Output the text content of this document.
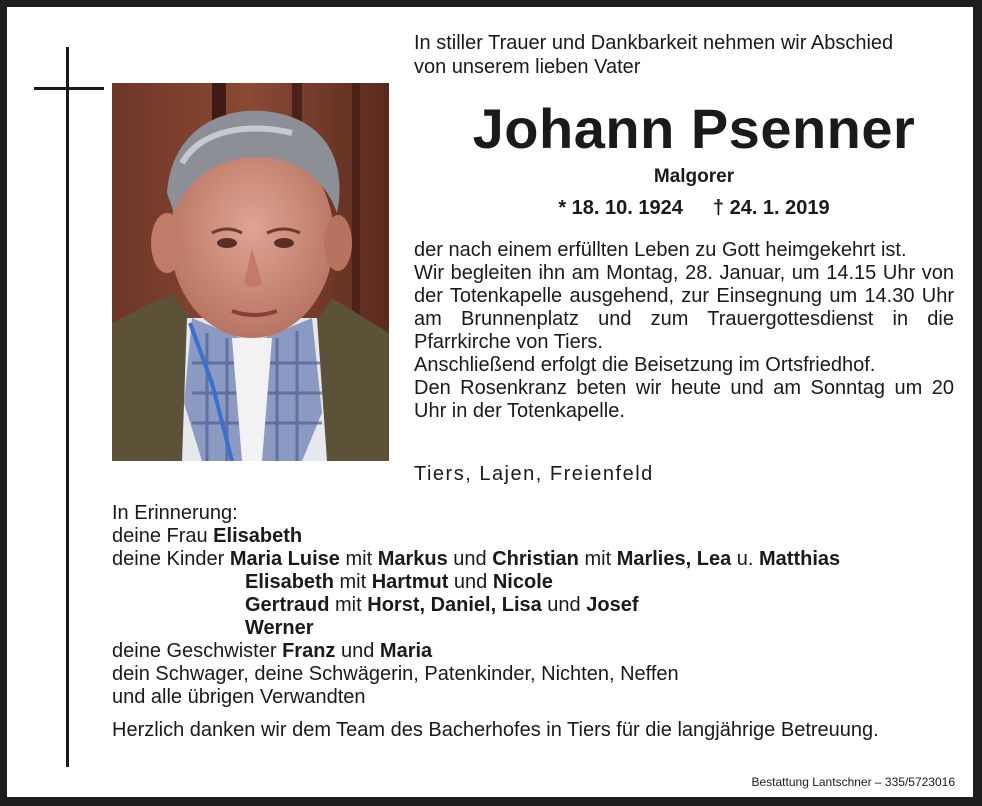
In stiller Trauer und Dankbarkeit nehmen wir Abschied
von unserem lieben Vater
Johann Psenner
Malgorer
* 18. 10. 1924 † 24. 1. 2019

der nach einem erfüllten Leben zu Gott heimgekehrt ist.

Wir begleiten ihn am Montag, 28. Januar, um 14.15 Uhr von der Totenkapelle ausgehend, zur Einsegnung um 14.30 Uhr am Brunnenplatz und zum Trauergottesdienst in die Pfarrkirche von Tiers.

Anschließend erfolgt die Beisetzung im Ortsfriedhof.

Den Rosenkranz beten wir heute und am Sonntag um 20 Uhr in der Totenkapelle.

Tiers, Lajen, Freienfeld
In Erinnerung:
deine Frau Elisabeth
deine Kinder Maria Luise mit Markus und Christian mit Marlies, Lea u. Matthias
Elisabeth mit Hartmut und Nicole
Gertraud mit Horst, Daniel, Lisa und Josef
Werner
deine Geschwister Franz und Maria
dein Schwager, deine Schwägerin, Patenkinder, Nichten, Neffen
und alle übrigen Verwandten
Herzlich danken wir dem Team des Bacherhofes in Tiers für die langjährige Betreuung.
Bestattung Lantschner – 335/5723016
